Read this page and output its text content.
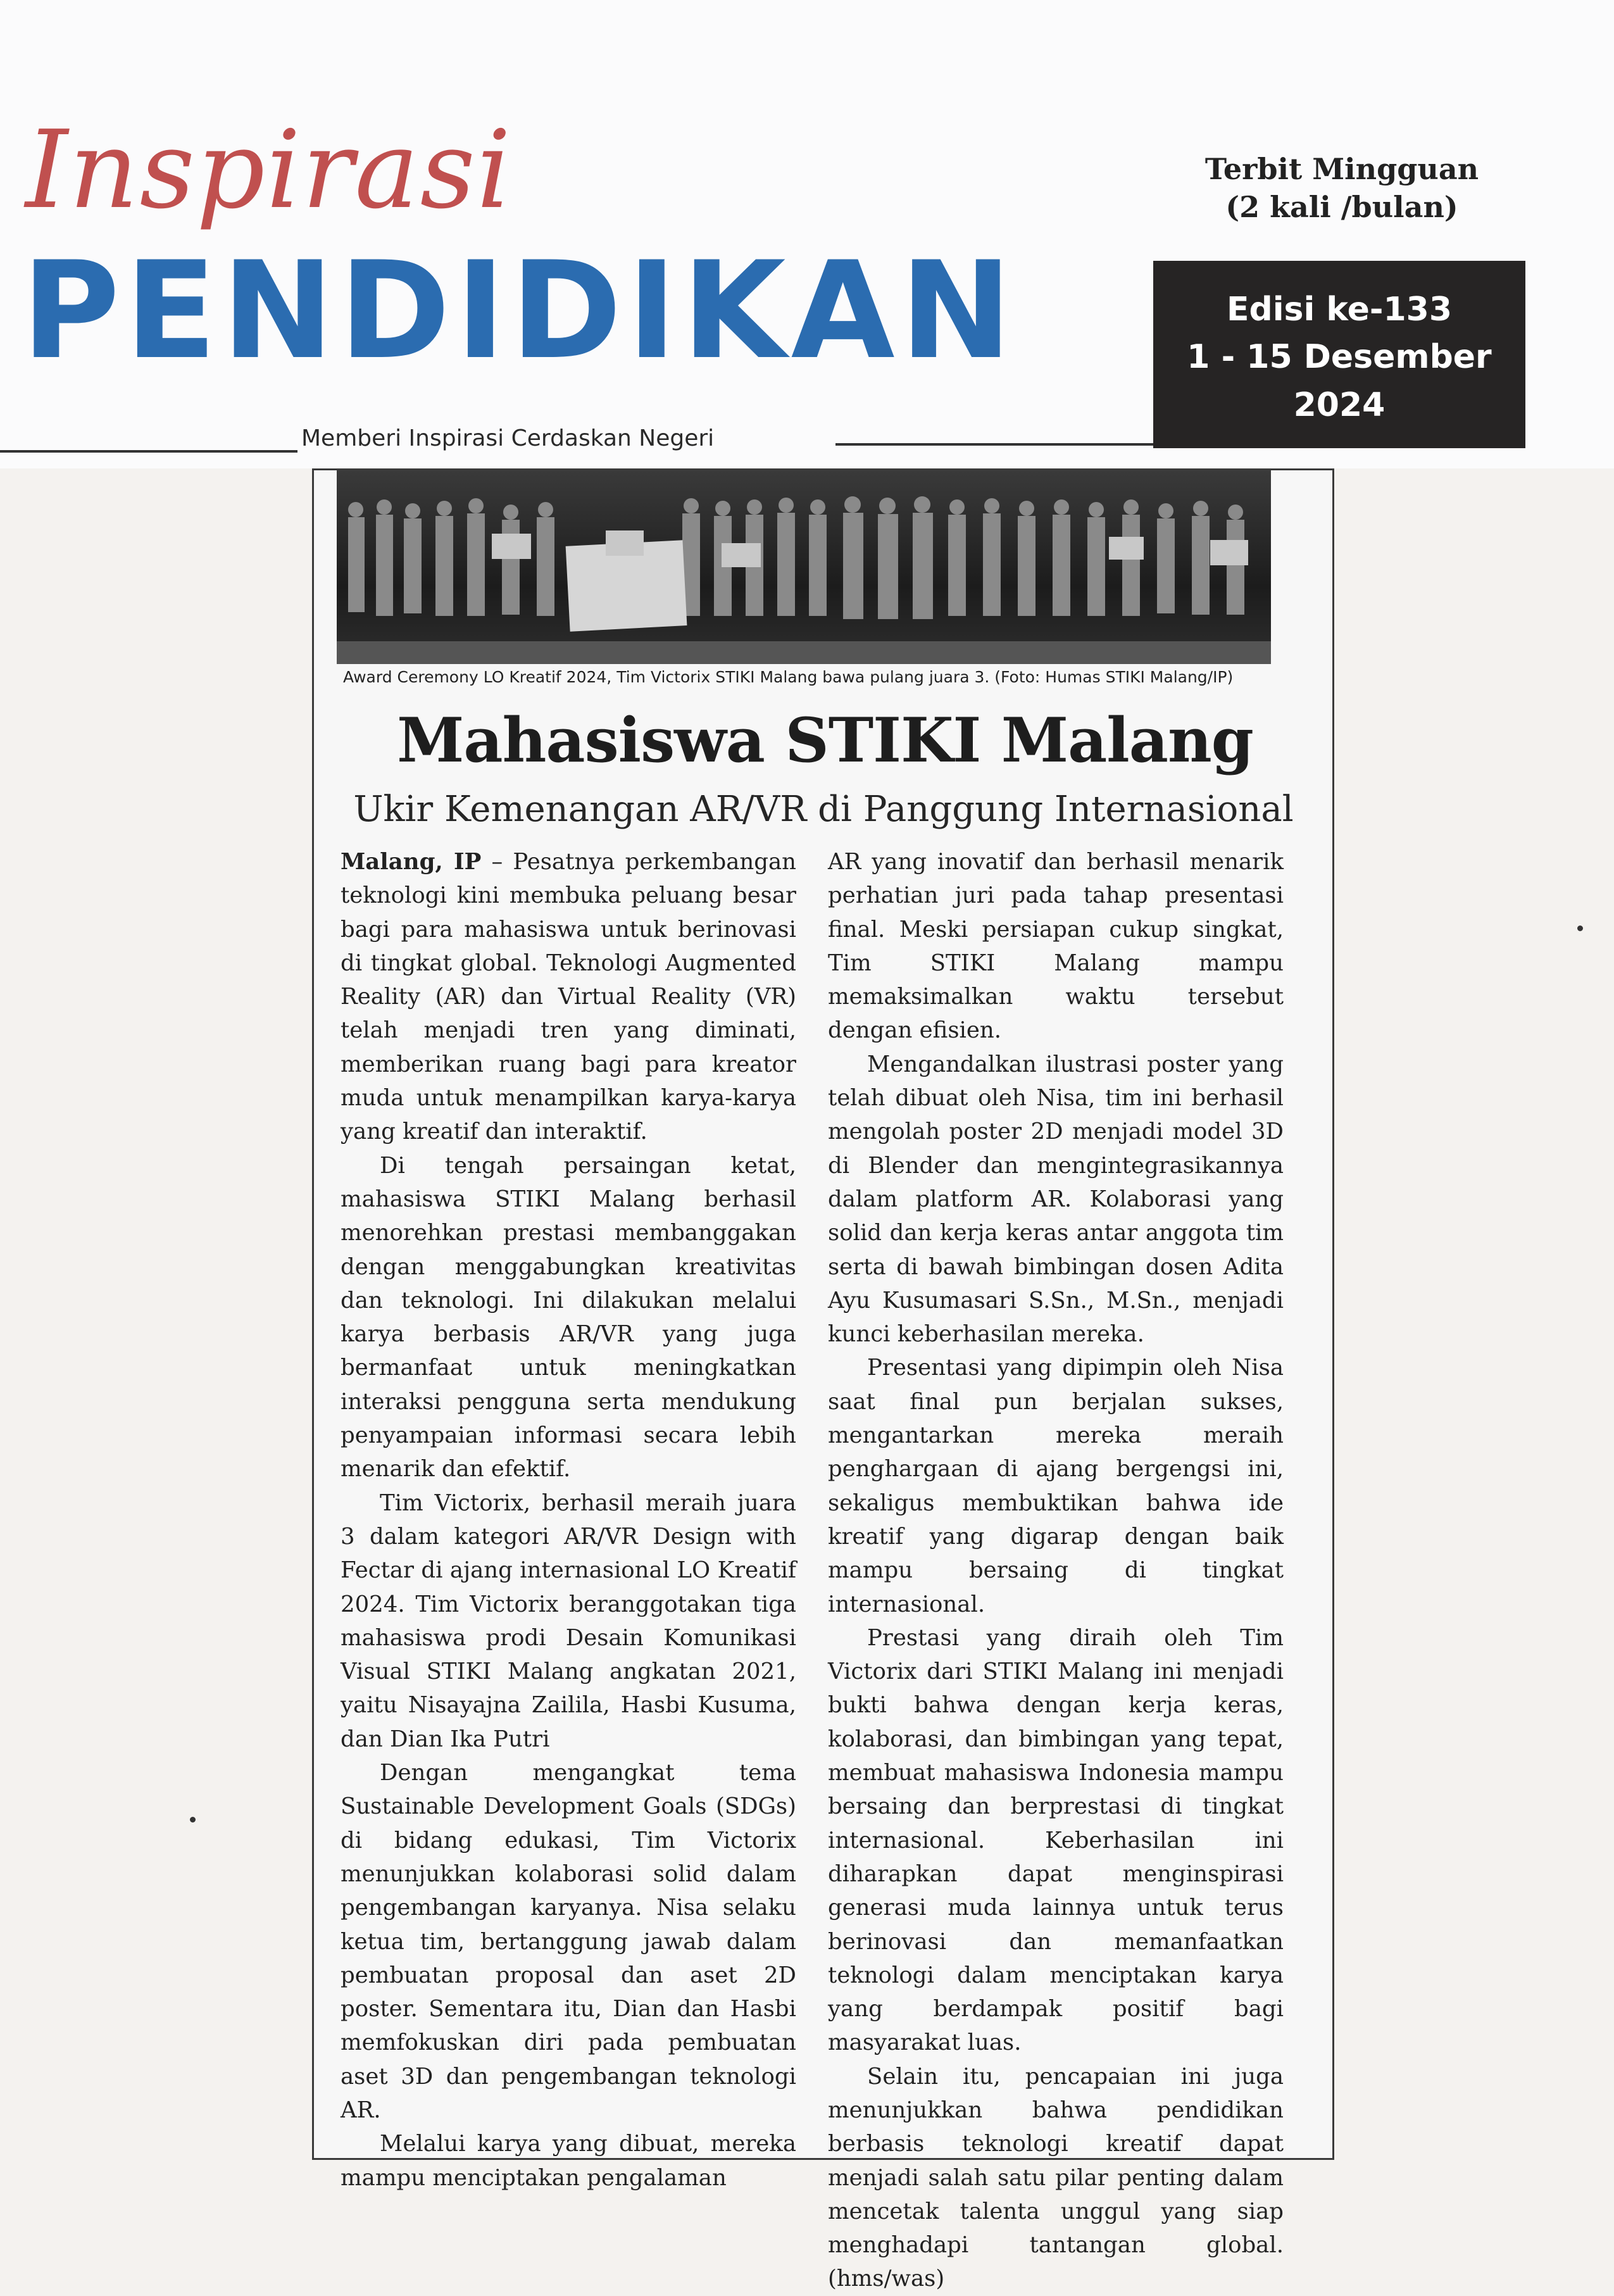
Inspirasi
PENDIDIKAN
Memberi Inspirasi Cerdaskan Negeri
Terbit Mingguan
(2 kali /bulan)
Edisi ke-133
1 - 15 Desember
2024
Award Ceremony LO Kreatif 2024, Tim Victorix STIKI Malang bawa pulang juara 3. (Foto: Humas STIKI Malang/IP)
Mahasiswa STIKI Malang
Ukir Kemenangan AR/VR di Panggung Internasional

Malang, IP – Pesatnya perkembangan teknologi kini membuka peluang besar bagi para mahasiswa untuk berinovasi di tingkat global. Teknologi Augmented Reality (AR) dan Virtual Reality (VR) telah menjadi tren yang diminati, memberikan ruang bagi para kreator muda untuk menampilkan karya-karya yang kreatif dan interaktif.

Di tengah persaingan ketat, mahasiswa STIKI Malang berhasil menorehkan prestasi membanggakan dengan menggabungkan kreativitas dan teknologi. Ini dilakukan melalui karya berbasis AR/VR yang juga bermanfaat untuk meningkatkan interaksi pengguna serta mendukung penyampaian informasi secara lebih menarik dan efektif.

Tim Victorix, berhasil meraih juara 3 dalam kategori AR/VR Design with Fectar di ajang internasional LO Kreatif 2024. Tim Victorix beranggotakan tiga mahasiswa prodi Desain Komunikasi Visual STIKI Malang angkatan 2021, yaitu Nisayajna Zailila, Hasbi Kusuma, dan Dian Ika Putri

Dengan mengangkat tema Sustainable Development Goals (SDGs) di bidang edukasi, Tim Victorix menunjukkan kolaborasi solid dalam pengembangan karyanya. Nisa selaku ketua tim, bertanggung jawab dalam pembuatan proposal dan aset 2D poster. Sementara itu, Dian dan Hasbi memfokuskan diri pada pembuatan aset 3D dan pengembangan teknologi AR.

Melalui karya yang dibuat, mereka mampu menciptakan pengalaman

AR yang inovatif dan berhasil menarik perhatian juri pada tahap presentasi final. Meski persiapan cukup singkat, Tim STIKI Malang mampu memaksimalkan waktu tersebut dengan efisien.

Mengandalkan ilustrasi poster yang telah dibuat oleh Nisa, tim ini berhasil mengolah poster 2D menjadi model 3D di Blender dan mengintegrasikannya dalam platform AR. Kolaborasi yang solid dan kerja keras antar anggota tim serta di bawah bimbingan dosen Adita Ayu Kusumasari S.Sn., M.Sn., menjadi kunci keberhasilan mereka.

Presentasi yang dipimpin oleh Nisa saat final pun berjalan sukses, mengantarkan mereka meraih penghargaan di ajang bergengsi ini, sekaligus membuktikan bahwa ide kreatif yang digarap dengan baik mampu bersaing di tingkat internasional.

Prestasi yang diraih oleh Tim Victorix dari STIKI Malang ini menjadi bukti bahwa dengan kerja keras, kolaborasi, dan bimbingan yang tepat, membuat mahasiswa Indonesia mampu bersaing dan berprestasi di tingkat internasional. Keberhasilan ini diharapkan dapat menginspirasi generasi muda lainnya untuk terus berinovasi dan memanfaatkan teknologi dalam menciptakan karya yang berdampak positif bagi masyarakat luas.

Selain itu, pencapaian ini juga menunjukkan bahwa pendidikan berbasis teknologi kreatif dapat menjadi salah satu pilar penting dalam mencetak talenta unggul yang siap menghadapi tantangan global. (hms/was)
